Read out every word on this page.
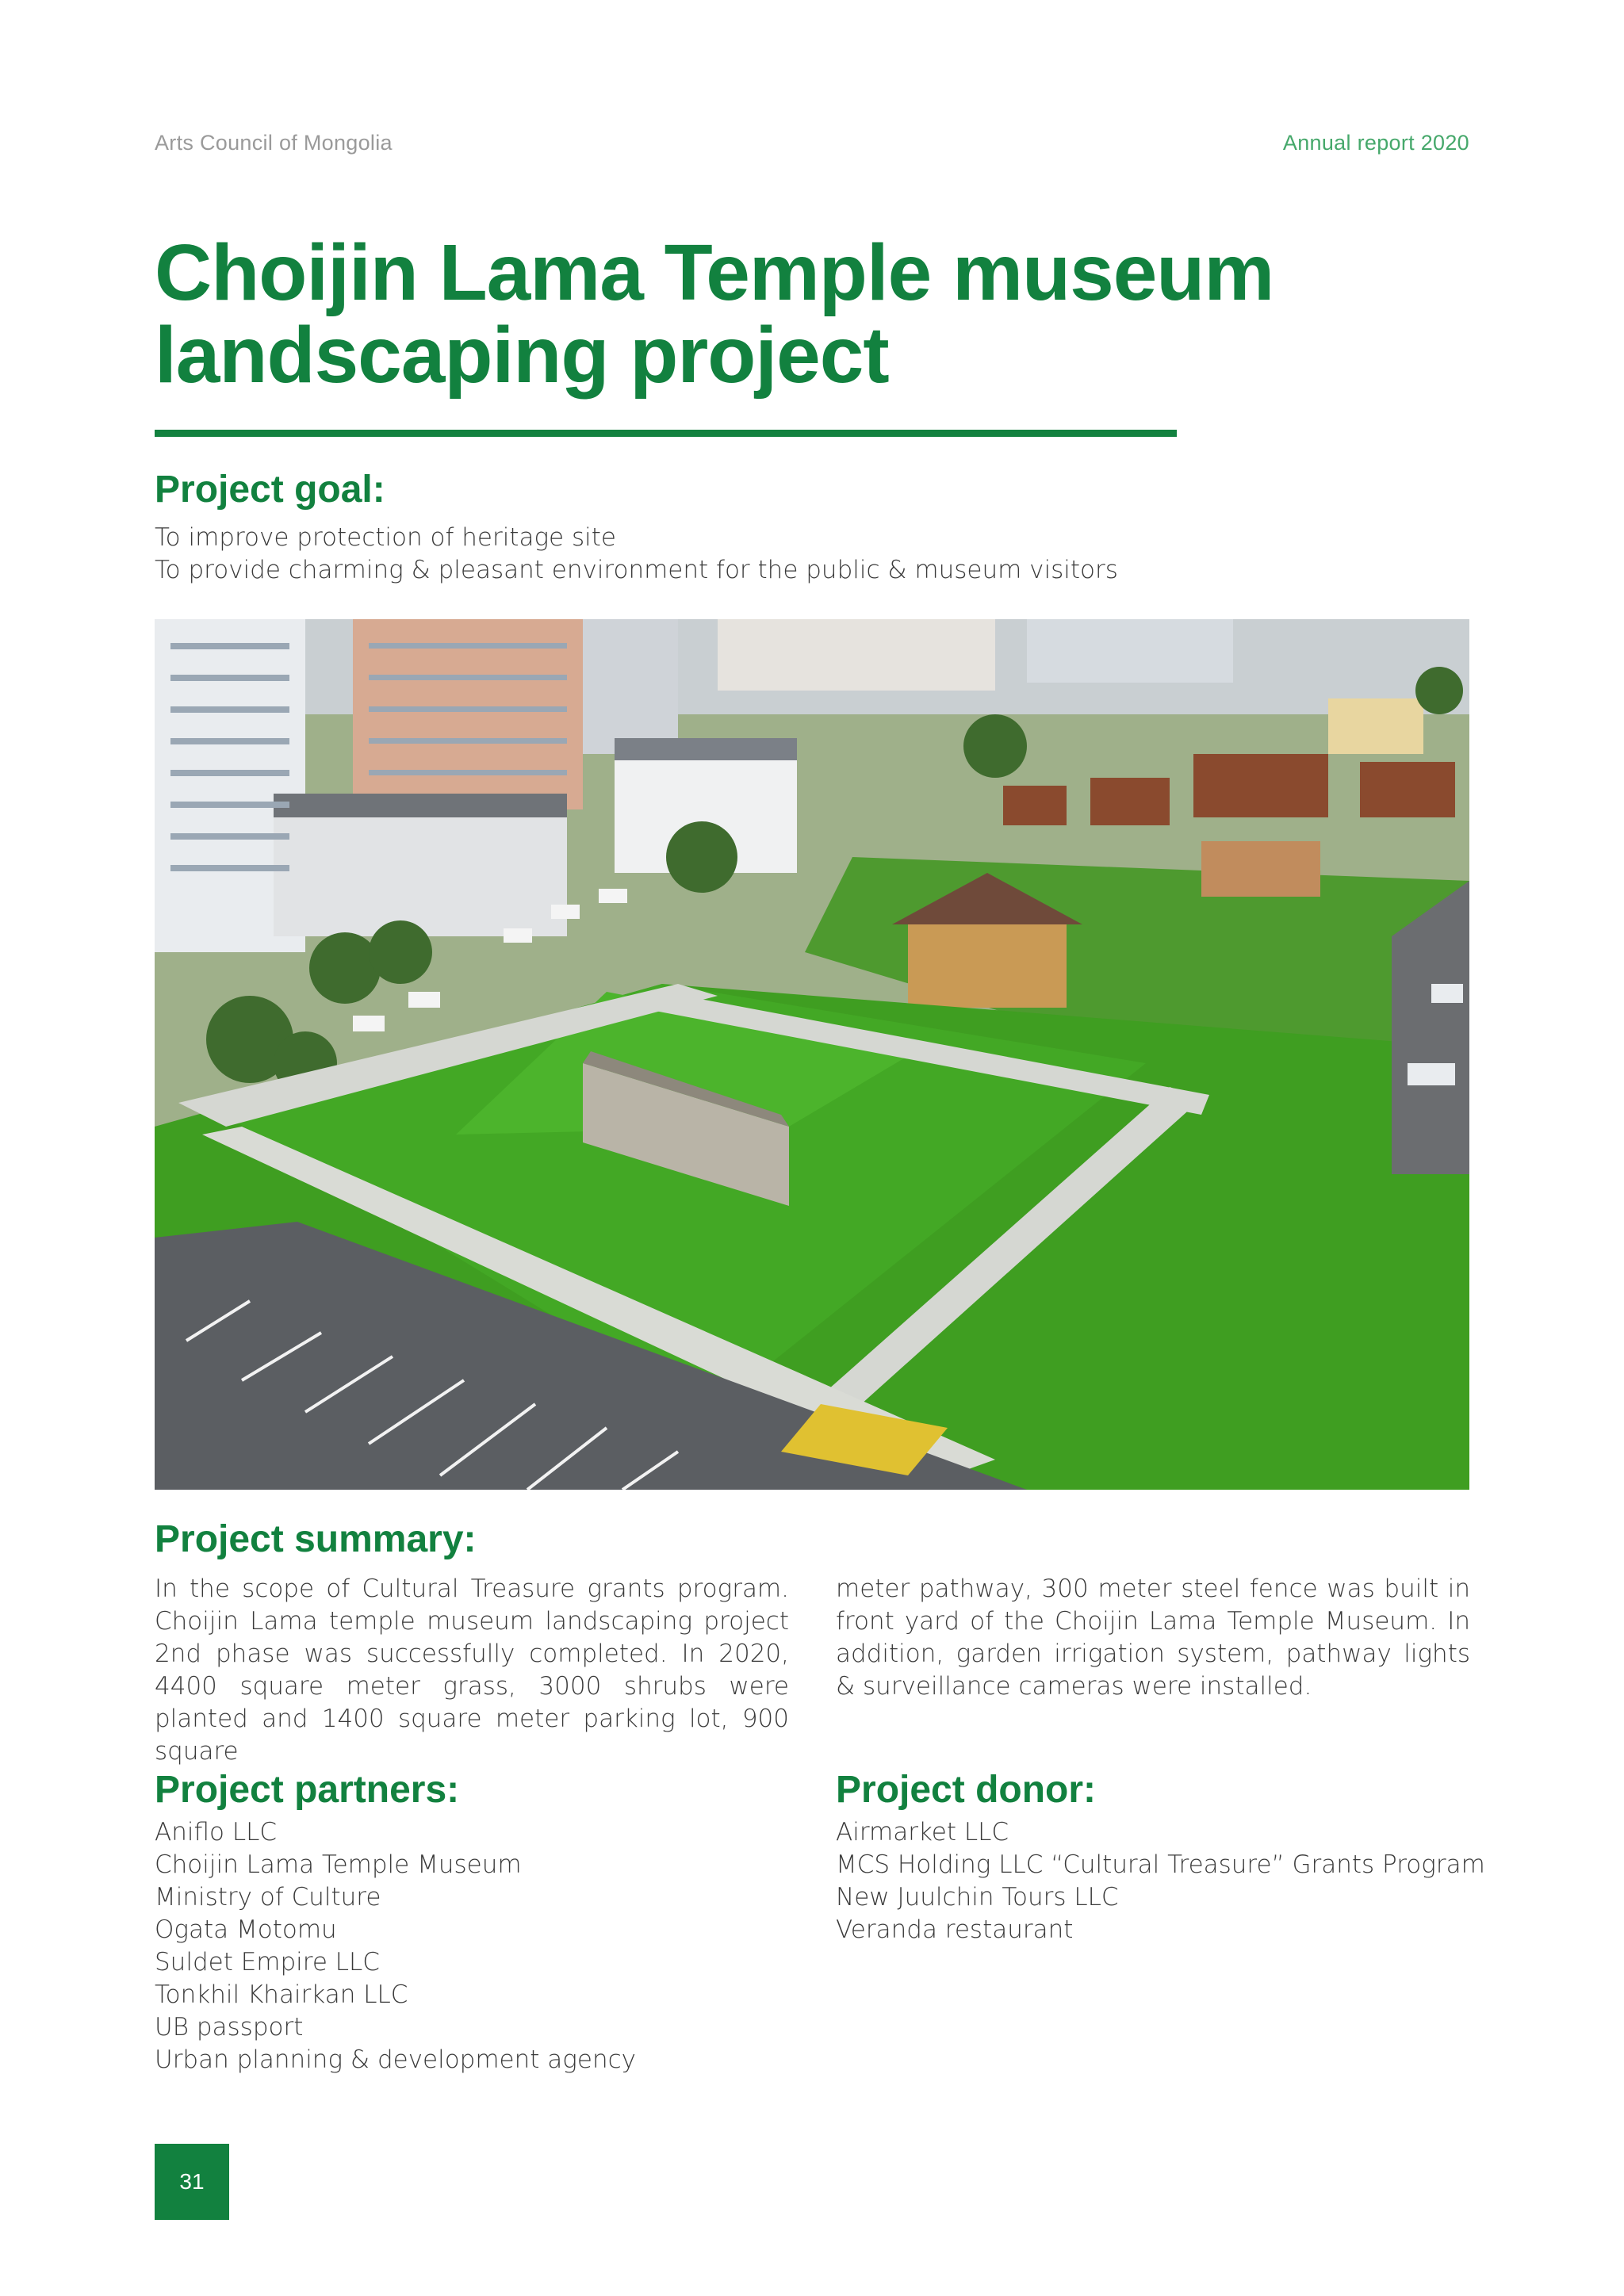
Arts Council of Mongolia	Annual report 2020
Choijin Lama Temple museum
landscaping project
Project goal:
To improve protection of heritage site
To provide charming & pleasant environment for the public & museum visitors
Project summary:

In the scope of Cultural Treasure grants program. Choijin Lama temple museum landscaping project 2nd phase was successfully completed. In 2020, 4400 square meter grass, 3000 shrubs were planted and 1400 square meter parking lot, 900 square

meter pathway, 300 meter steel fence was built in front yard of the Choijin Lama Temple Museum. In addition, garden irrigation system, pathway lights & surveillance cameras were installed.

Project partners:
Aniflo LLC
Choijin Lama Temple Museum
Ministry of Culture
Ogata Motomu
Suldet Empire LLC
Tonkhil Khairkan LLC
UB passport
Urban planning & development agency
Project donor:
Airmarket LLC
MCS Holding LLC “Cultural Treasure” Grants Program
New Juulchin Tours LLC
Veranda restaurant
31
